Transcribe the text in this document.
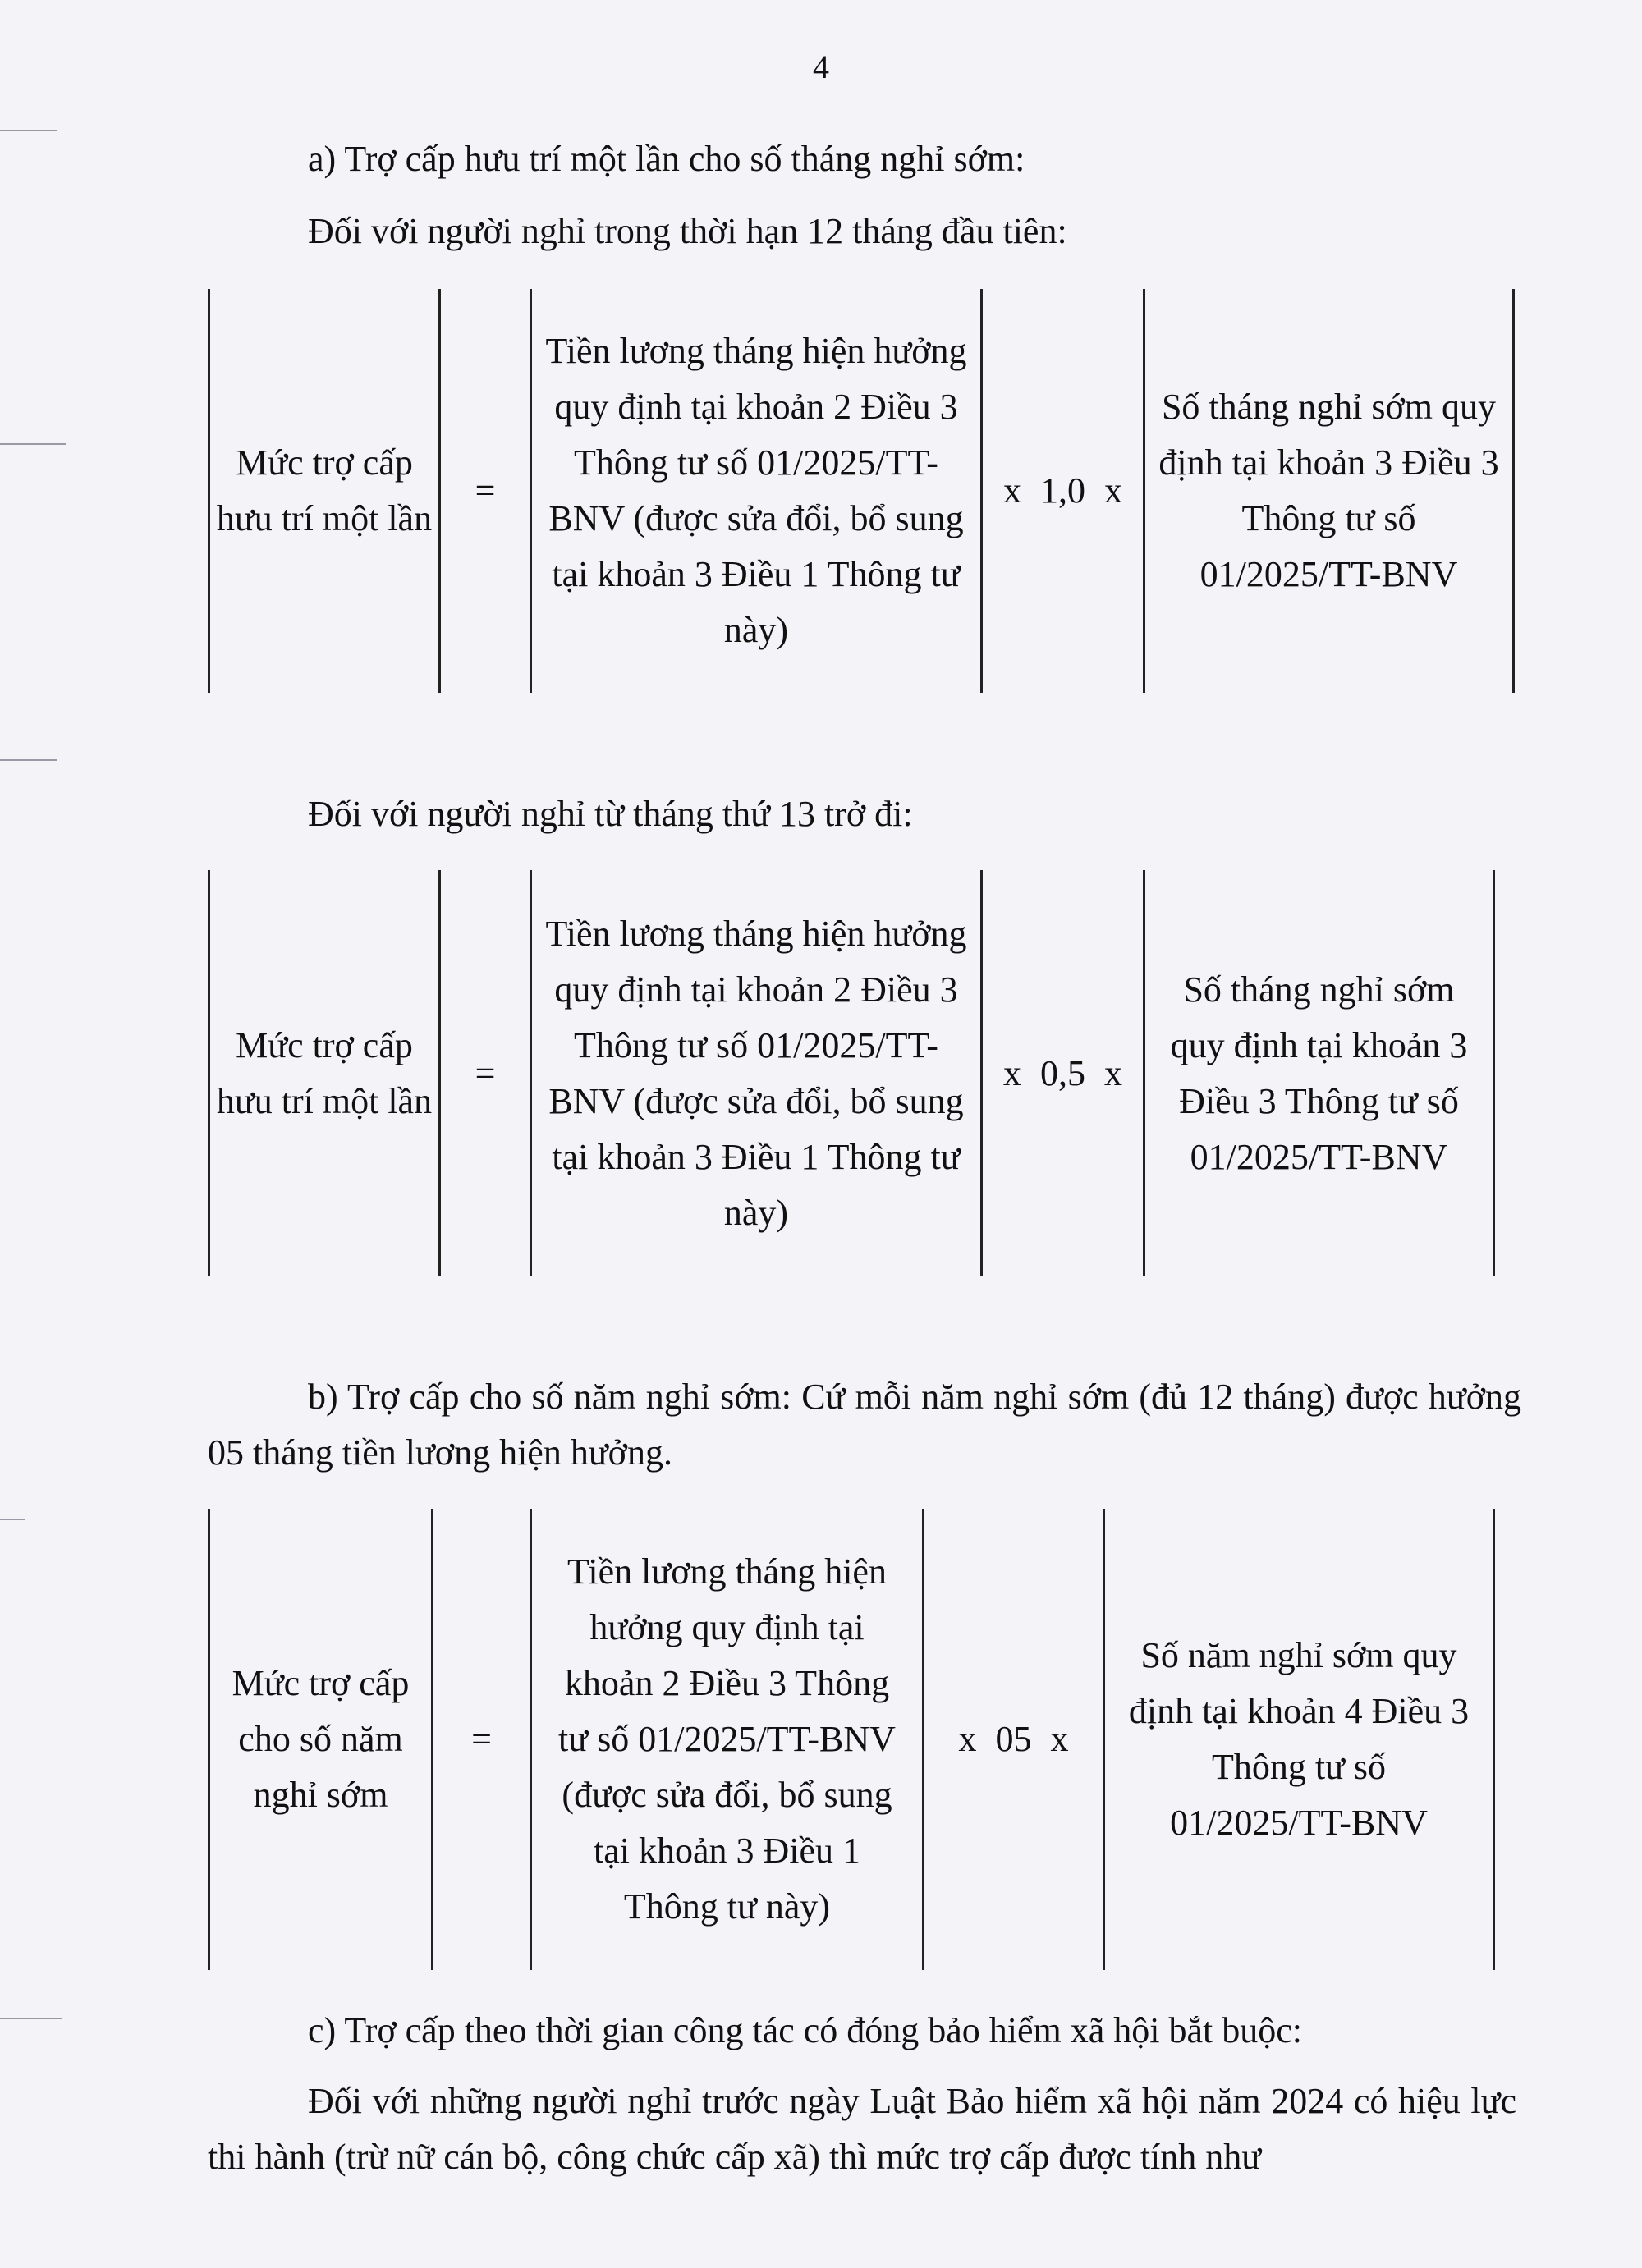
4
a) Trợ cấp hưu trí một lần cho số tháng nghỉ sớm:
Đối với người nghỉ trong thời hạn 12 tháng đầu tiên:
Mức trợ cấp hưu trí một lần
=
Tiền lương tháng hiện hưởng quy định tại khoản 2 Điều 3 Thông tư số 01/2025/TT-BNV (được sửa đổi, bổ sung tại khoản 3 Điều 1 Thông tư này)
x 1,0 x
Số tháng nghỉ sớm quy định tại khoản 3 Điều 3 Thông tư số 01/2025/TT-BNV
Đối với người nghỉ từ tháng thứ 13 trở đi:
Mức trợ cấp hưu trí một lần
=
Tiền lương tháng hiện hưởng quy định tại khoản 2 Điều 3 Thông tư số 01/2025/TT-BNV (được sửa đổi, bổ sung tại khoản 3 Điều 1 Thông tư này)
x 0,5 x
Số tháng nghỉ sớm quy định tại khoản 3 Điều 3 Thông tư số 01/2025/TT-BNV
b) Trợ cấp cho số năm nghỉ sớm: Cứ mỗi năm nghỉ sớm (đủ 12 tháng) được hưởng 05 tháng tiền lương hiện hưởng.
Mức trợ cấp cho số năm nghỉ sớm
=
Tiền lương tháng hiện hưởng quy định tại khoản 2 Điều 3 Thông tư số 01/2025/TT-BNV (được sửa đổi, bổ sung tại khoản 3 Điều 1 Thông tư này)
x 05 x
Số năm nghỉ sớm quy định tại khoản 4 Điều 3 Thông tư số 01/2025/TT-BNV
c) Trợ cấp theo thời gian công tác có đóng bảo hiểm xã hội bắt buộc:
Đối với những người nghỉ trước ngày Luật Bảo hiểm xã hội năm 2024 có hiệu lực thi hành (trừ nữ cán bộ, công chức cấp xã) thì mức trợ cấp được tính như
